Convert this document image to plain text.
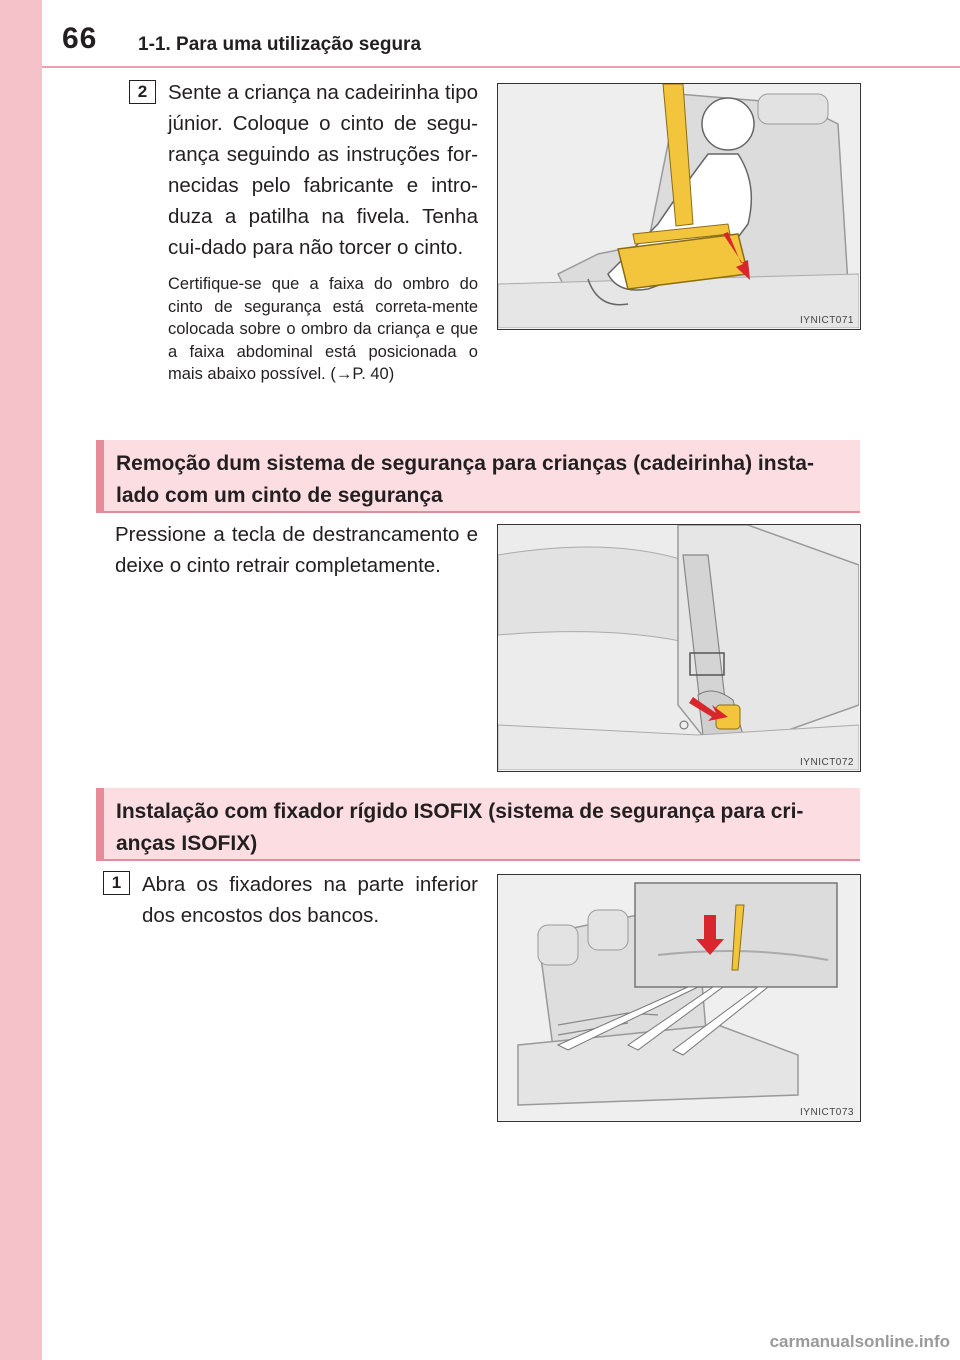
66 1-1. Para uma utilização segura
2	Sente a criança na cadeirinha tipo júnior. Coloque o cinto de segu-rança seguindo as instruções for-necidas pelo fabricante e intro-duza a patilha na fivela. Tenha cui-dado para não torcer o cinto.

Certifique-se que a faixa do ombro do cinto de segurança está correta-mente colocada sobre o ombro da criança e que a faixa abdominal está posicionada o mais abaixo possível. (→P. 40)

IYNICT071
Remoção dum sistema de segurança para crianças (cadeirinha) insta-lado com um cinto de segurança

Pressione a tecla de destrancamento e deixe o cinto retrair completamente.

IYNICT072
Instalação com fixador rígido ISOFIX (sistema de segurança para cri-anças ISOFIX)
1	Abra os fixadores na parte inferior dos encostos dos bancos.

IYNICT073
carmanualsonline.info
